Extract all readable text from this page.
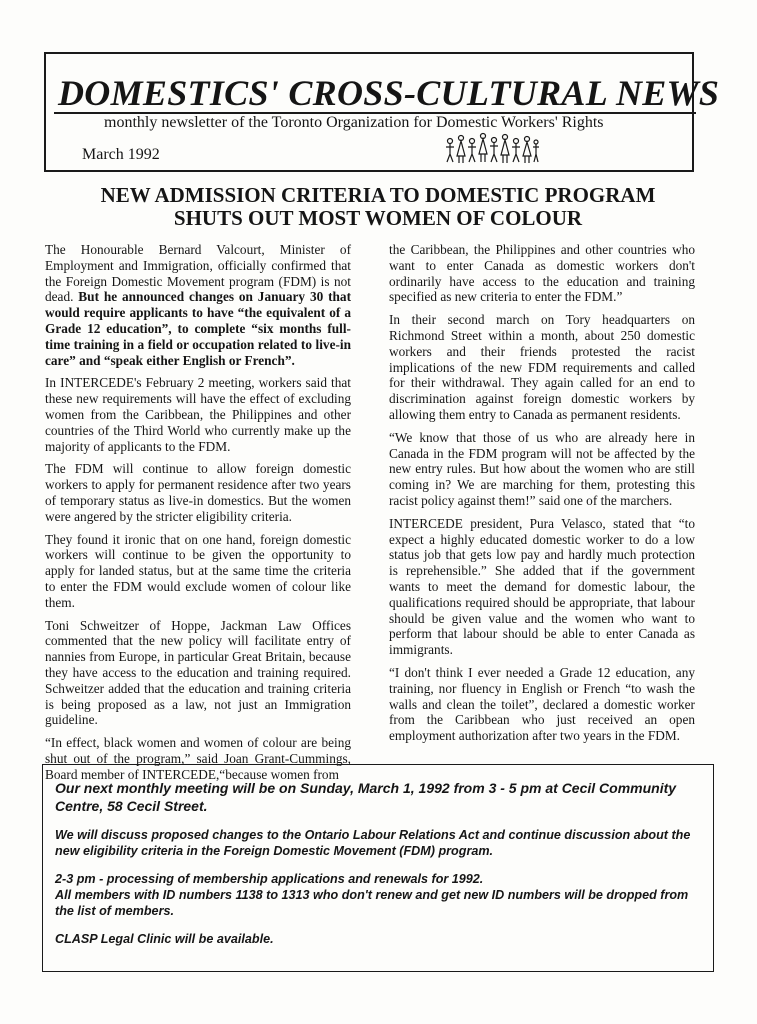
DOMESTICS' CROSS-CULTURAL NEWS
monthly newsletter of the Toronto Organization for Domestic Workers' Rights
March 1992
NEW ADMISSION CRITERIA TO DOMESTIC PROGRAM
SHUTS OUT MOST WOMEN OF COLOUR

The Honourable Bernard Valcourt, Minister of Employment and Immigration, officially confirmed that the Foreign Domestic Movement program (FDM) is not dead. But he announced changes on January 30 that would require applicants to have “the equivalent of a Grade 12 education”, to complete “six months full-time training in a field or occupation related to live-in care” and “speak either English or French”.

In INTERCEDE's February 2 meeting, workers said that these new requirements will have the effect of excluding women from the Caribbean, the Philippines and other countries of the Third World who currently make up the majority of applicants to the FDM.

The FDM will continue to allow foreign domestic workers to apply for permanent residence after two years of temporary status as live-in domestics. But the women were angered by the stricter eligibility criteria.

They found it ironic that on one hand, foreign domestic workers will continue to be given the opportunity to apply for landed status, but at the same time the criteria to enter the FDM would exclude women of colour like them.

Toni Schweitzer of Hoppe, Jackman Law Offices commented that the new policy will facilitate entry of nannies from Europe, in particular Great Britain, because they have access to the education and training required. Schweitzer added that the education and training criteria is being proposed as a law, not just an Immigration guideline.

“In effect, black women and women of colour are being shut out of the program,” said Joan Grant-Cummings, Board member of INTERCEDE,“because women from

the Caribbean, the Philippines and other countries who want to enter Canada as domestic workers don't ordinarily have access to the education and training specified as new criteria to enter the FDM.”

In their second march on Tory headquarters on Richmond Street within a month, about 250 domestic workers and their friends protested the racist implications of the new FDM requirements and called for their withdrawal. They again called for an end to discrimination against foreign domestic workers by allowing them entry to Canada as permanent residents.

“We know that those of us who are already here in Canada in the FDM program will not be affected by the new entry rules. But how about the women who are still coming in? We are marching for them, protesting this racist policy against them!” said one of the marchers.

INTERCEDE president, Pura Velasco, stated that “to expect a highly educated domestic worker to do a low status job that gets low pay and hardly much protection is reprehensible.” She added that if the government wants to meet the demand for domestic labour, the qualifications required should be appropriate, that labour should be given value and the women who want to perform that labour should be able to enter Canada as immigrants.

“I don't think I ever needed a Grade 12 education, any training, nor fluency in English or French “to wash the walls and clean the toilet”, declared a domestic worker from the Caribbean who just received an open employment authorization after two years in the FDM.

Our next monthly meeting will be on Sunday, March 1, 1992 from 3 - 5 pm at Cecil Community Centre, 58 Cecil Street.

We will discuss proposed changes to the Ontario Labour Relations Act and continue discussion about the new eligibility criteria in the Foreign Domestic Movement (FDM) program.

2-3 pm - processing of membership applications and renewals for 1992.
All members with ID numbers 1138 to 1313 who don't renew and get new ID numbers will be dropped from the list of members.

CLASP Legal Clinic will be available.
